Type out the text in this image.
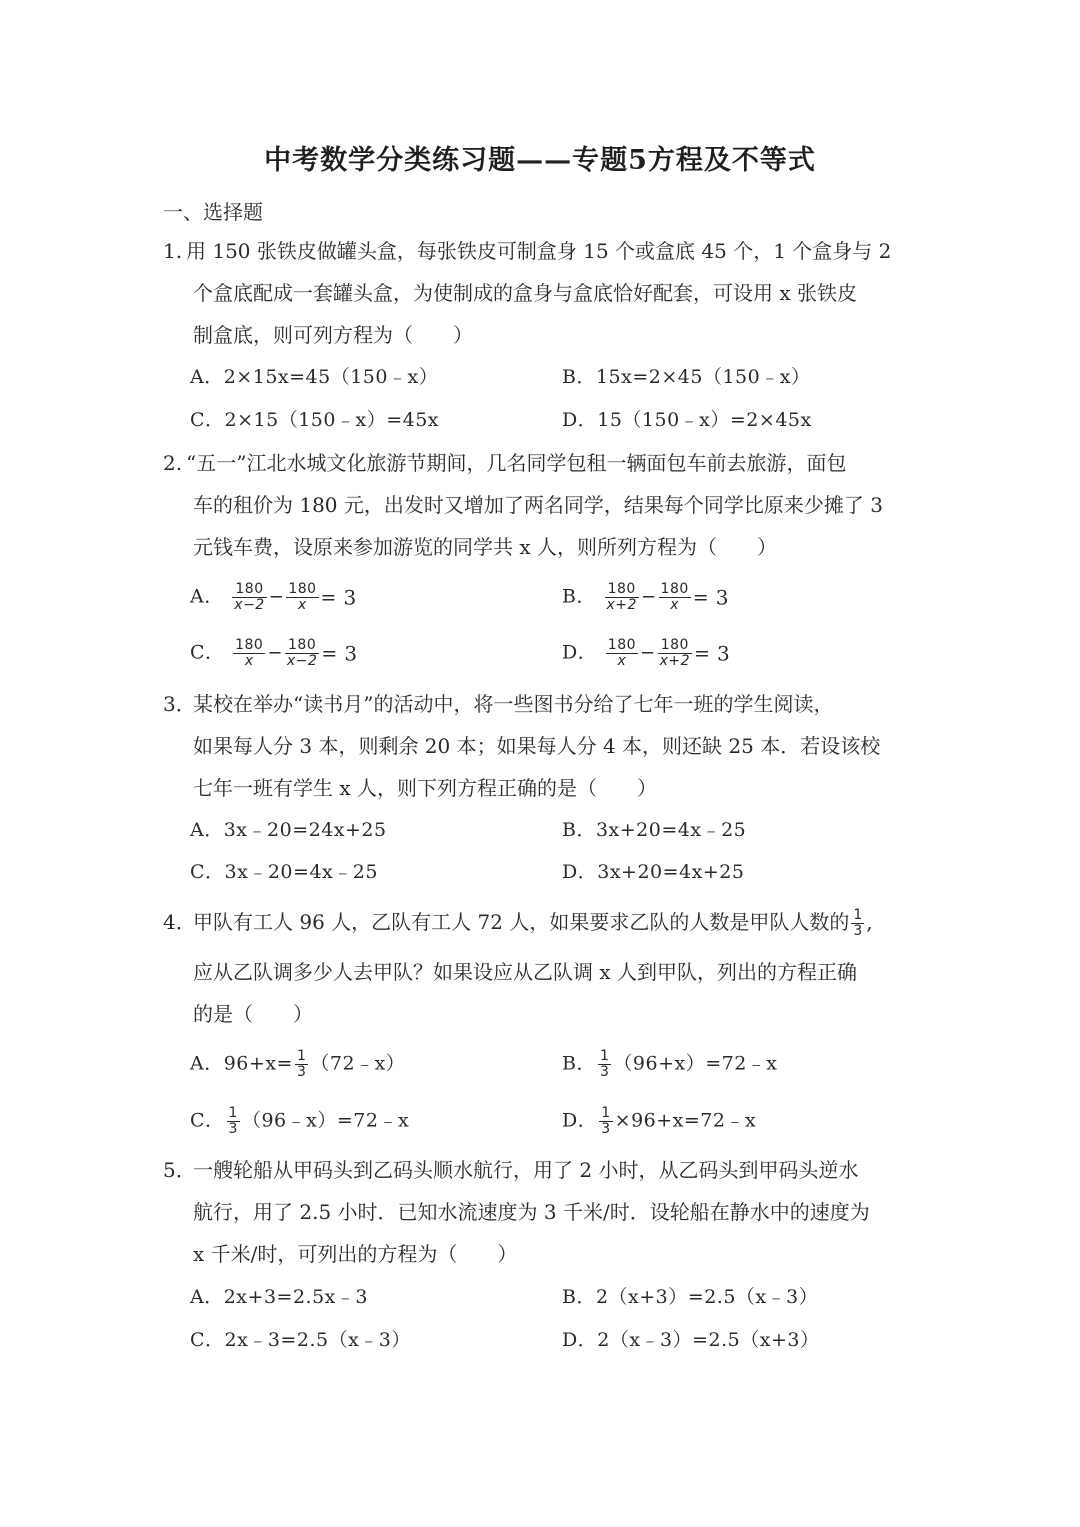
中考数学分类练习题——专题5方程及不等式
一、选择题
1. 用 150 张铁皮做罐头盒，每张铁皮可制盒身 15 个或盒底 45 个，1 个盒身与 2
个盒底配成一套罐头盒，为使制成的盒身与盒底恰好配套，可设用 x 张铁皮
制盒底，则可列方程为（　　）
A．2×15x=45（150﹣x）	B．15x=2×45（150﹣x）
C．2×15（150﹣x）=45x	D．15（150﹣x）=2×45x
2. “五一”江北水城文化旅游节期间，几名同学包租一辆面包车前去旅游，面包
车的租价为 180 元，出发时又增加了两名同学，结果每个同学比原来少摊了 3
元钱车费，设原来参加游览的同学共 x 人，则所列方程为（　　）
A． $\frac{180}{x-2} - \frac{180}{x} = 3$	B． $\frac{180}{x+2} - \frac{180}{x} = 3$
C． $\frac{180}{x} - \frac{180}{x-2} = 3$	D． $\frac{180}{x} - \frac{180}{x+2} = 3$
3．
某校在举办“读书月”的活动中，将一些图书分给了七年一班的学生阅读，
如果每人分 3 本，则剩余 20 本；如果每人分 4 本，则还缺 25 本．若设该校
七年一班有学生 x 人，则下列方程正确的是（　　）
A．3x﹣20=24x+25	B．3x+20=4x﹣25
C．3x﹣20=4x﹣25	D．3x+20=4x+25
4．
甲队有工人 96 人，乙队有工人 72 人，如果要求乙队的人数是甲队人数的 $\frac{1}{3}$ ,
应从乙队调多少人去甲队？如果设应从乙队调 x 人到甲队，列出的方程正确
的是（　　）
A．$96+x= \frac{1}{3}$ （72﹣x）	B． $\frac{1}{3}$ （96+x）=72﹣x
C． $\frac{1}{3}$ （96﹣x）=72﹣x	D． $\frac{1}{3}$ ×96+x=72﹣x
5．
一艘轮船从甲码头到乙码头顺水航行，用了 2 小时，从乙码头到甲码头逆水
航行，用了 2.5 小时．已知水流速度为 3 千米/时．设轮船在静水中的速度为
x 千米/时，可列出的方程为（　　）
A．2x+3=2.5x﹣3	B．2（x+3）=2.5（x﹣3）
C．2x﹣3=2.5（x﹣3）	D．2（x﹣3）=2.5（x+3）
